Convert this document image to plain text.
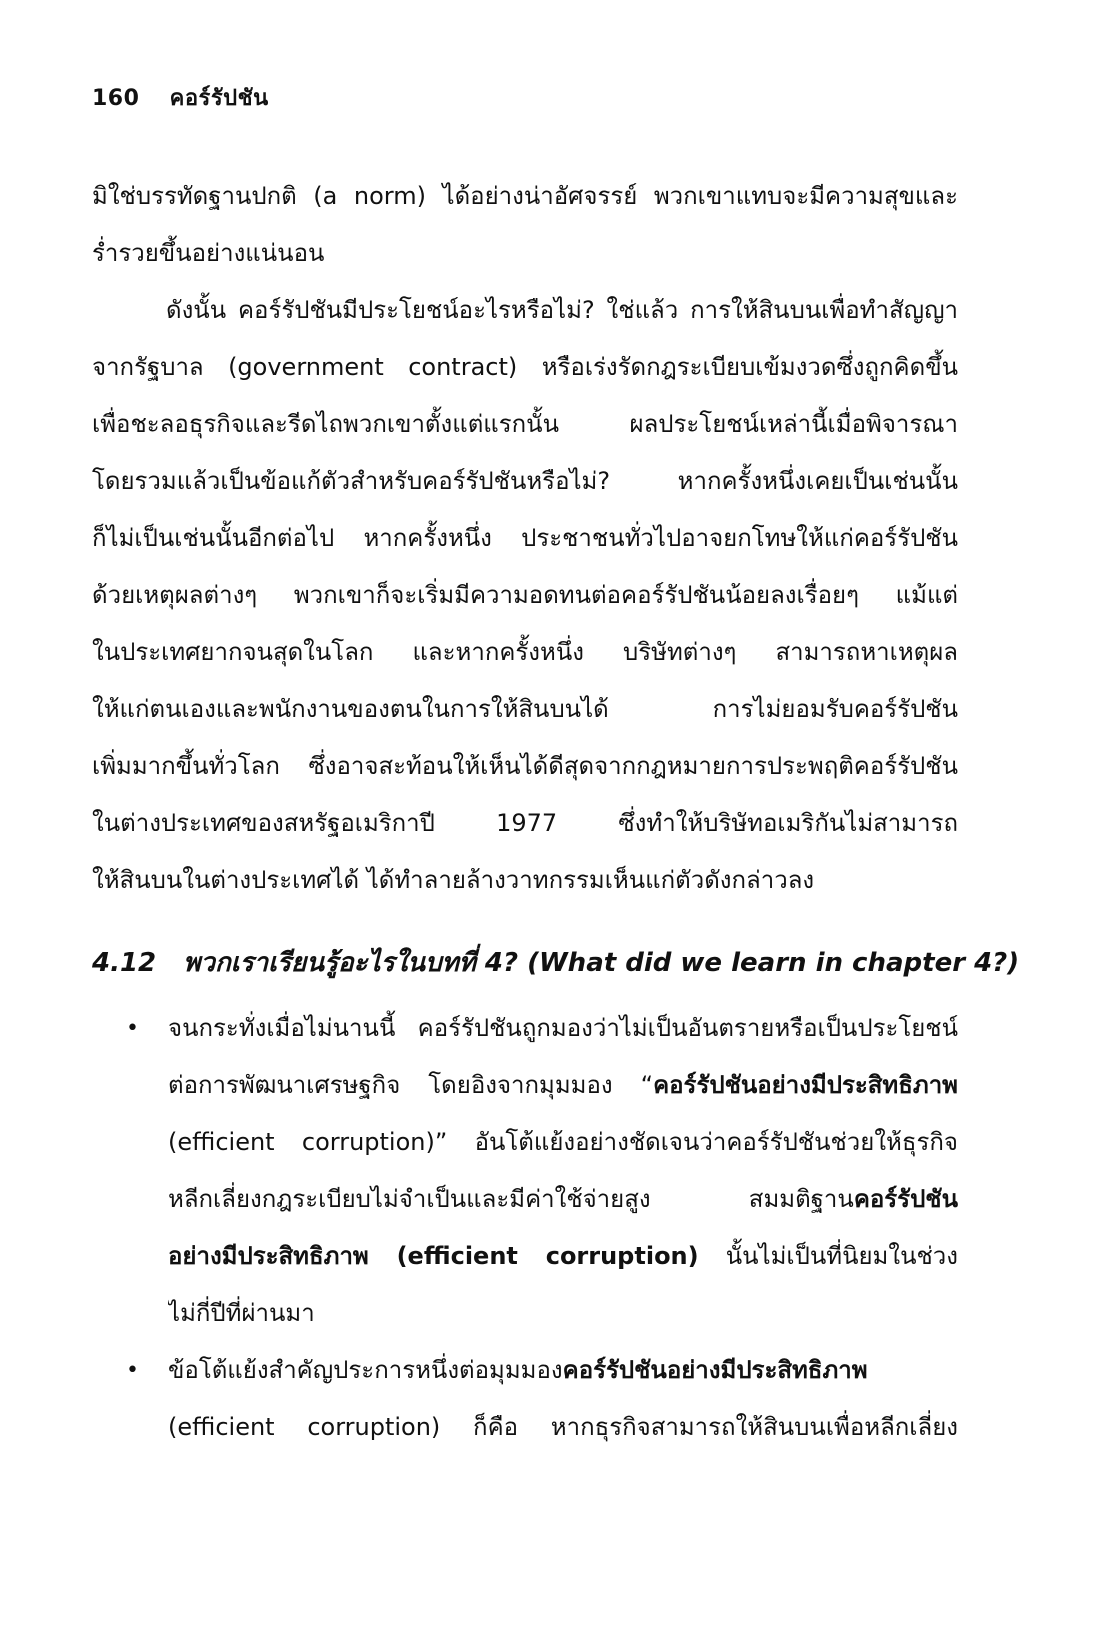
160 คอร์รัปชัน
มิใช่บรรทัดฐานปกติ (a norm) ได้อย่างน่าอัศจรรย์ พวกเขาแทบจะมีความสุขและ
ร่ำรวยขึ้นอย่างแน่นอน
ดังนั้น คอร์รัปชันมีประโยชน์อะไรหรือไม่? ใช่แล้ว การให้สินบนเพื่อทำสัญญา
จากรัฐบาล (government contract) หรือเร่งรัดกฎระเบียบเข้มงวดซึ่งถูกคิดขึ้น
เพื่อชะลอธุรกิจและรีดไถพวกเขาตั้งแต่แรกนั้น ผลประโยชน์เหล่านี้เมื่อพิจารณา
โดยรวมแล้วเป็นข้อแก้ตัวสำหรับคอร์รัปชันหรือไม่? หากครั้งหนึ่งเคยเป็นเช่นนั้น
ก็ไม่เป็นเช่นนั้นอีกต่อไป หากครั้งหนึ่ง ประชาชนทั่วไปอาจยกโทษให้แก่คอร์รัปชัน
ด้วยเหตุผลต่างๆ พวกเขาก็จะเริ่มมีความอดทนต่อคอร์รัปชันน้อยลงเรื่อยๆ แม้แต่
ในประเทศยากจนสุดในโลก และหากครั้งหนึ่ง บริษัทต่างๆ สามารถหาเหตุผล
ให้แก่ตนเองและพนักงานของตนในการให้สินบนได้ การไม่ยอมรับคอร์รัปชัน
เพิ่มมากขึ้นทั่วโลก ซึ่งอาจสะท้อนให้เห็นได้ดีสุดจากกฎหมายการประพฤติคอร์รัปชัน
ในต่างประเทศของสหรัฐอเมริกาปี 1977 ซึ่งทำให้บริษัทอเมริกันไม่สามารถ
ให้สินบนในต่างประเทศได้ ได้ทำลายล้างวาทกรรมเห็นแก่ตัวดังกล่าวลง
4.12 พวกเราเรียนรู้อะไรในบทที่ 4? (What did we learn in chapter 4?)
• จนกระทั่งเมื่อไม่นานนี้ คอร์รัปชันถูกมองว่าไม่เป็นอันตรายหรือเป็นประโยชน์
ต่อการพัฒนาเศรษฐกิจ โดยอิงจากมุมมอง “คอร์รัปชันอย่างมีประสิทธิภาพ
(efficient corruption)” อันโต้แย้งอย่างชัดเจนว่าคอร์รัปชันช่วยให้ธุรกิจ
หลีกเลี่ยงกฎระเบียบไม่จำเป็นและมีค่าใช้จ่ายสูง สมมติฐานคอร์รัปชัน
อย่างมีประสิทธิภาพ (efficient corruption) นั้นไม่เป็นที่นิยมในช่วง
ไม่กี่ปีที่ผ่านมา
• ข้อโต้แย้งสำคัญประการหนึ่งต่อมุมมองคอร์รัปชันอย่างมีประสิทธิภาพ
(efficient corruption) ก็คือ หากธุรกิจสามารถให้สินบนเพื่อหลีกเลี่ยง
